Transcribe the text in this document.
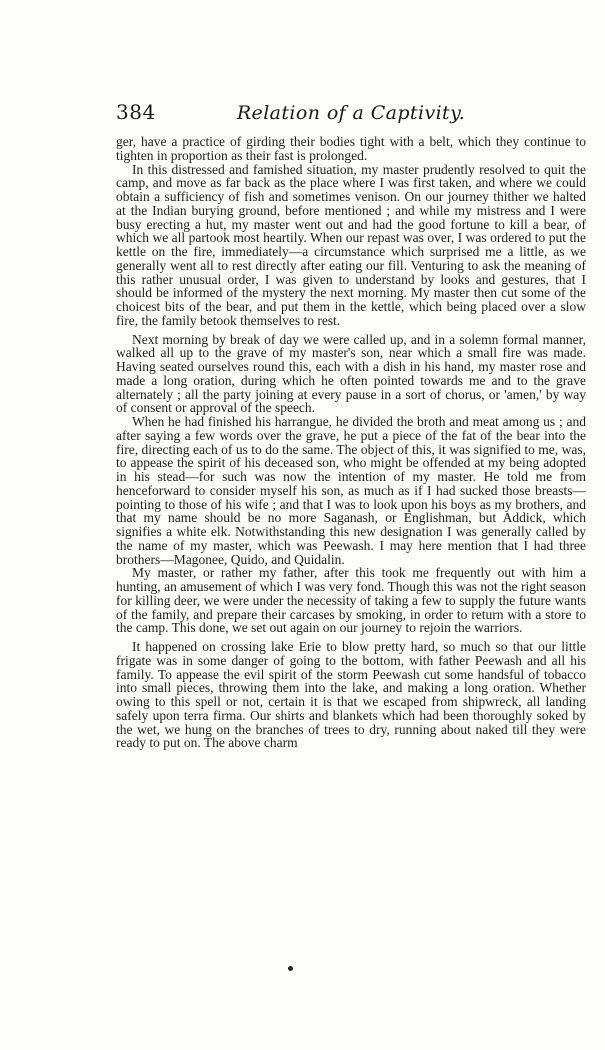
384	Relation of a Captivity.

ger, have a practice of girding their bodies tight with a belt, which they continue to tighten in proportion as their fast is prolonged.

In this distressed and famished situation, my master prudently resolved to quit the camp, and move as far back as the place where I was first taken, and where we could obtain a sufficiency of fish and sometimes venison. On our journey thither we halted at the Indian burying ground, before mentioned ; and while my mistress and I were busy erecting a hut, my master went out and had the good fortune to kill a bear, of which we all partook most heartily. When our repast was over, I was ordered to put the kettle on the fire, immediately—a circumstance which surprised me a little, as we generally went all to rest directly after eating our fill. Venturing to ask the meaning of this rather unusual order, I was given to understand by looks and gestures, that I should be informed of the mystery the next morning. My master then cut some of the choicest bits of the bear, and put them in the kettle, which being placed over a slow fire, the family betook themselves to rest.

Next morning by break of day we were called up, and in a solemn formal manner, walked all up to the grave of my master's son, near which a small fire was made. Having seated ourselves round this, each with a dish in his hand, my master rose and made a long oration, during which he often pointed towards me and to the grave alternately ; all the party joining at every pause in a sort of chorus, or 'amen,' by way of consent or approval of the speech.

When he had finished his harrangue, he divided the broth and meat among us ; and after saying a few words over the grave, he put a piece of the fat of the bear into the fire, directing each of us to do the same. The object of this, it was signified to me, was, to appease the spirit of his deceased son, who might be offended at my being adopted in his stead—for such was now the intention of my master. He told me from henceforward to consider myself his son, as much as if I had sucked those breasts—pointing to those of his wife ; and that I was to look upon his boys as my brothers, and that my name should be no more Saganash, or Englishman, but Addick, which signifies a white elk. Notwithstanding this new designation I was generally called by the name of my master, which was Peewash. I may here mention that I had three brothers—Magonee, Quido, and Quidalin.

My master, or rather my father, after this took me frequently out with him a hunting, an amusement of which I was very fond. Though this was not the right season for killing deer, we were under the necessity of taking a few to supply the future wants of the family, and prepare their carcases by smoking, in order to return with a store to the camp. This done, we set out again on our journey to rejoin the warriors.

It happened on crossing lake Erie to blow pretty hard, so much so that our little frigate was in some danger of going to the bottom, with father Peewash and all his family. To appease the evil spirit of the storm Peewash cut some handsful of tobacco into small pieces, throwing them into the lake, and making a long oration. Whether owing to this spell or not, certain it is that we escaped from shipwreck, all landing safely upon terra firma. Our shirts and blankets which had been thoroughly soked by the wet, we hung on the branches of trees to dry, running about naked till they were ready to put on. The above charm
